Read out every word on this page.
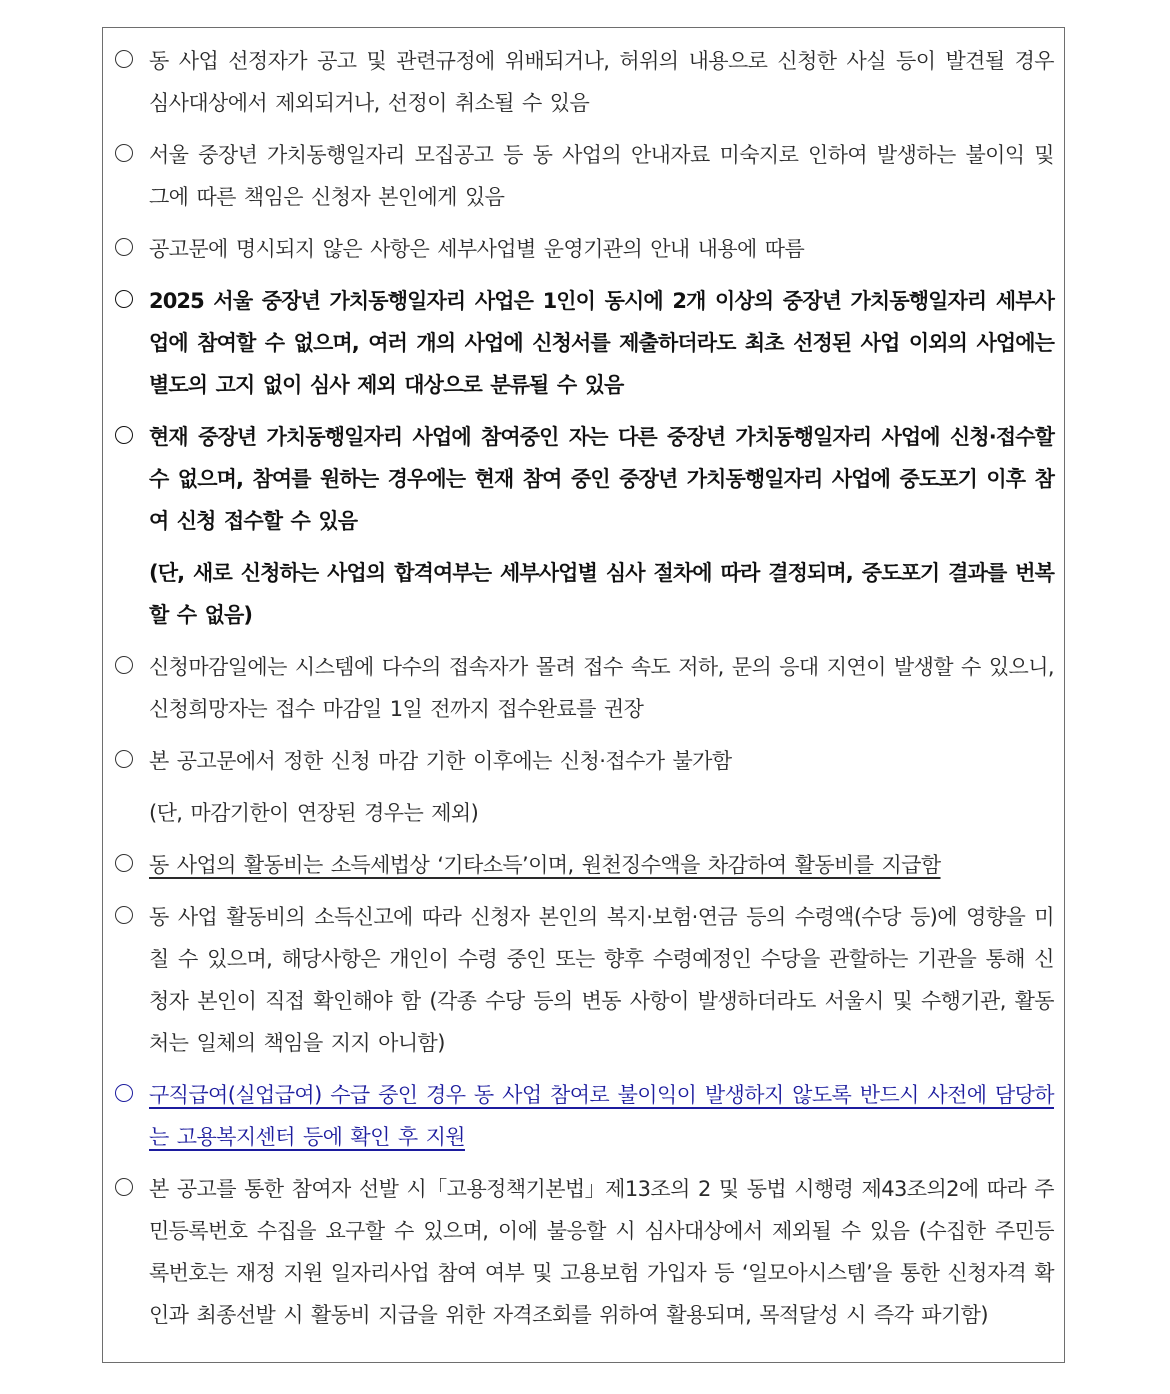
동 사업 선정자가 공고 및 관련규정에 위배되거나, 허위의 내용으로 신청한 사실 등이 발견될 경우 심사대상에서 제외되거나, 선정이 취소될 수 있음
서울 중장년 가치동행일자리 모집공고 등 동 사업의 안내자료 미숙지로 인하여 발생하는 불이익 및 그에 따른 책임은 신청자 본인에게 있음
공고문에 명시되지 않은 사항은 세부사업별 운영기관의 안내 내용에 따름
2025 서울 중장년 가치동행일자리 사업은 1인이 동시에 2개 이상의 중장년 가치동행일자리 세부사업에 참여할 수 없으며, 여러 개의 사업에 신청서를 제출하더라도 최초 선정된 사업 이외의 사업에는 별도의 고지 없이 심사 제외 대상으로 분류될 수 있음
현재 중장년 가치동행일자리 사업에 참여중인 자는 다른 중장년 가치동행일자리 사업에 신청·접수할 수 없으며, 참여를 원하는 경우에는 현재 참여 중인 중장년 가치동행일자리 사업에 중도포기 이후 참여 신청 접수할 수 있음
(단, 새로 신청하는 사업의 합격여부는 세부사업별 심사 절차에 따라 결정되며, 중도포기 결과를 번복할 수 없음)
신청마감일에는 시스템에 다수의 접속자가 몰려 접수 속도 저하, 문의 응대 지연이 발생할 수 있으니, 신청희망자는 접수 마감일 1일 전까지 접수완료를 권장
본 공고문에서 정한 신청 마감 기한 이후에는 신청·접수가 불가함
(단, 마감기한이 연장된 경우는 제외)
동 사업의 활동비는 소득세법상 ‘기타소득’이며, 원천징수액을 차감하여 활동비를 지급함
동 사업 활동비의 소득신고에 따라 신청자 본인의 복지·보험·연금 등의 수령액(수당 등)에 영향을 미칠 수 있으며, 해당사항은 개인이 수령 중인 또는 향후 수령예정인 수당을 관할하는 기관을 통해 신청자 본인이 직접 확인해야 함 (각종 수당 등의 변동 사항이 발생하더라도 서울시 및 수행기관, 활동처는 일체의 책임을 지지 아니함)
구직급여(실업급여) 수급 중인 경우 동 사업 참여로 불이익이 발생하지 않도록 반드시 사전에 담당하는 고용복지센터 등에 확인 후 지원
본 공고를 통한 참여자 선발 시「고용정책기본법」제13조의 2 및 동법 시행령 제43조의2에 따라 주민등록번호 수집을 요구할 수 있으며, 이에 불응할 시 심사대상에서 제외될 수 있음 (수집한 주민등록번호는 재정 지원 일자리사업 참여 여부 및 고용보험 가입자 등 ‘일모아시스템’을 통한 신청자격 확인과 최종선발 시 활동비 지급을 위한 자격조회를 위하여 활용되며, 목적달성 시 즉각 파기함)
